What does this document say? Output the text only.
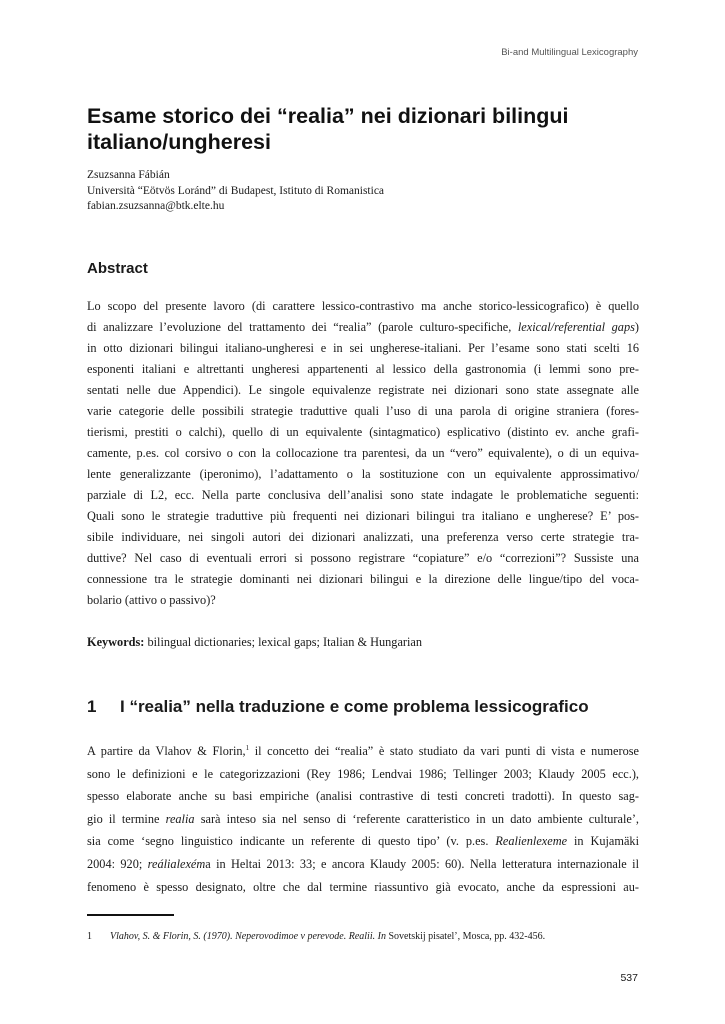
Bi-and Multilingual Lexicography
Esame storico dei “realia” nei dizionari bilingui italiano/ungheresi
Zsuzsanna Fábián
Università “Eötvös Loránd” di Budapest, Istituto di Romanistica
fabian.zsuzsanna@btk.elte.hu
Abstract
Lo scopo del presente lavoro (di carattere lessico-contrastivo ma anche storico-lessicografico) è quello
di analizzare l’evoluzione del trattamento dei “realia” (parole culturo-specifiche, lexical/referential gaps)
in otto dizionari bilingui italiano-ungheresi e in sei ungherese-italiani. Per l’esame sono stati scelti 16
esponenti italiani e altrettanti ungheresi appartenenti al lessico della gastronomia (i lemmi sono pre-
sentati nelle due Appendici). Le singole equivalenze registrate nei dizionari sono state assegnate alle
varie categorie delle possibili strategie traduttive quali l’uso di una parola di origine straniera (fores-
tierismi, prestiti o calchi), quello di un equivalente (sintagmatico) esplicativo (distinto ev. anche grafi-
camente, p.es. col corsivo o con la collocazione tra parentesi, da un “vero” equivalente), o di un equiva-
lente generalizzante (iperonimo), l’adattamento o la sostituzione con un equivalente approssimativo/
parziale di L2, ecc. Nella parte conclusiva dell’analisi sono state indagate le problematiche seguenti:
Quali sono le strategie traduttive più frequenti nei dizionari bilingui tra italiano e ungherese? E’ pos-
sibile individuare, nei singoli autori dei dizionari analizzati, una preferenza verso certe strategie tra-
duttive? Nel caso di eventuali errori si possono registrare “copiature” e/o “correzioni”? Sussiste una
connessione tra le strategie dominanti nei dizionari bilingui e la direzione delle lingue/tipo del voca-
bolario (attivo o passivo)?
Keywords: bilingual dictionaries; lexical gaps; Italian & Hungarian
1 I “realia” nella traduzione e come problema lessicografico
A partire da Vlahov & Florin,$^1$ il concetto dei “realia” è stato studiato da vari punti di vista e numerose
sono le definizioni e le categorizzazioni (Rey 1986; Lendvai 1986; Tellinger 2003; Klaudy 2005 ecc.),
spesso elaborate anche su basi empiriche (analisi contrastive di testi concreti tradotti). In questo sag-
gio il termine realia sarà inteso sia nel senso di ‘referente caratteristico in un dato ambiente culturale’,
sia come ‘segno linguistico indicante un referente di questo tipo’ (v. p.es. Realienlexeme in Kujamäki
2004: 920; reálialexéma in Heltai 2013: 33; e ancora Klaudy 2005: 60). Nella letteratura internazionale il
fenomeno è spesso designato, oltre che dal termine riassuntivo già evocato, anche da espressioni au-
1 Vlahov, S. & Florin, S. (1970). Neperovodimoe v perevode. Realii. In Sovetskij pisatel’, Mosca, pp. 432-456.
537
